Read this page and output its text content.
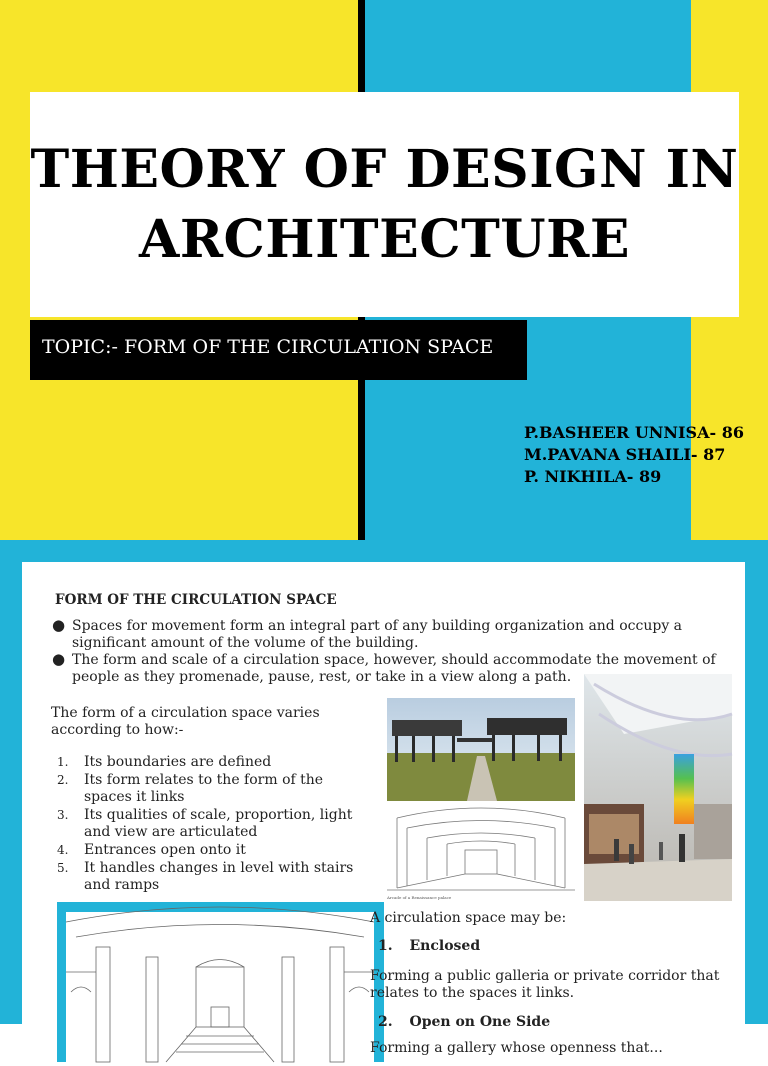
THEORY OF DESIGN IN
ARCHITECTURE
TOPIC:- FORM OF THE CIRCULATION SPACE
P.BASHEER UNNISA- 86
M.PAVANA SHAILI- 87
P. NIKHILA- 89
FORM OF THE CIRCULATION SPACE
● Spaces for movement form an integral part of any building organization and occupy a significant amount of the volume of the building.
● The form and scale of a circulation space, however, should accommodate the movement of people as they promenade, pause, rest, or take in a view along a path.
The form of a circulation space varies according to how:-
1. Its boundaries are defined
2. Its form relates to the form of the spaces it links
3. Its qualities of scale, proportion, light and view are articulated
4. Entrances open onto it
5. It handles changes in level with stairs and ramps
Arcade of a Renaissance palace
A circulation space may be:
1. Enclosed
Forming a public galleria or private corridor that relates to the spaces it links.
2. Open on One Side
Forming a gallery whose openness that...
